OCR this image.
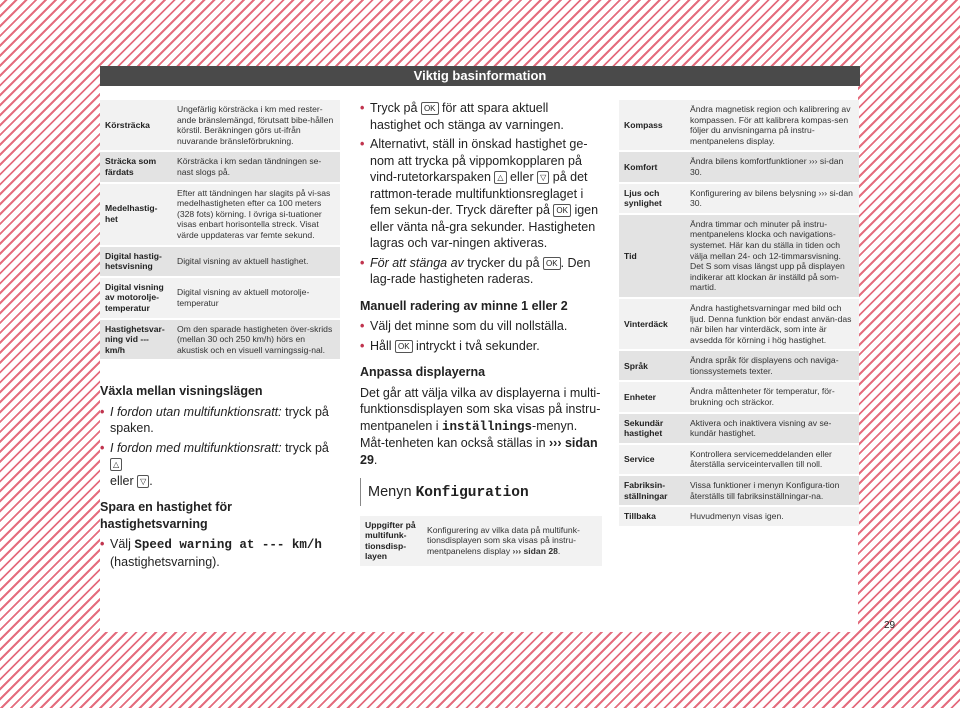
Viktig basinformation
Körsträcka	Ungefärlig körsträcka i km med rester-ande bränslemängd, förutsatt bibe-hållen körstil. Beräkningen görs ut-ifrån nuvarande bränsleförbrukning.
Sträcka som färdats	Körsträcka i km sedan tändningen se-nast slogs på.
Medelhastig-het	Efter att tändningen har slagits på vi-sas medelhastigheten efter ca 100 meters (328 fots) körning. I övriga si-tuationer visas enbart horisontella streck. Visat värde uppdateras var femte sekund.
Digital hastig-hetsvisning	Digital visning av aktuell hastighet.
Digital visning av motorolje-temperatur	Digital visning av aktuell motorolje-temperatur
Hastighetsvar-ning vid --- km/h	Om den sparade hastigheten över-skrids (mellan 30 och 250 km/h) hörs en akustisk och en visuell varningssig-nal.

Växla mellan visningslägen

• I fordon utan multifunktionsratt: tryck på spaken.
• I fordon med multifunktionsratt: tryck på △
eller ▽ .

Spara en hastighet för hastighetsvarning

• Välj Speed warning at --- km/h
(hastighetsvarning).
• Tryck på OK för att spara aktuell hastighet och stänga av varningen.
• Alternativt, ställ in önskad hastighet ge-nom att trycka på vippomkopplaren på vind-rutetorkarspaken △ eller ▽ på det rattmon-terade multifunktionsreglaget i fem sekun-der. Tryck därefter på OK igen eller vänta nå-gra sekunder. Hastigheten lagras och var-ningen aktiveras.
• För att stänga av trycker du på OK . Den lag-rade hastigheten raderas.

Manuell radering av minne 1 eller 2

• Välj det minne som du vill nollställa.
• Håll OK intryckt i två sekunder.

Anpassa displayerna

Det går att välja vilka av displayerna i multi-funktionsdisplayen som ska visas på instru-mentpanelen i inställnings-menyn. Måt-tenheten kan också ställas in ››› sidan 29.

Menyn Konfiguration
Uppgifter på multifunk-tionsdisp-layen	Konfigurering av vilka data på multifunk-tionsdisplayen som ska visas på instru-mentpanelens display ››› sidan 28.
Kompass	Ändra magnetisk region och kalibrering av kompassen. För att kalibrera kompas-sen följer du anvisningarna på instru-mentpanelens display.
Komfort	Ändra bilens komfortfunktioner ››› si-dan 30.
Ljus och synlighet	Konfigurering av bilens belysning ››› si-dan 30.
Tid	Ändra timmar och minuter på instru-mentpanelens klocka och navigations-systemet. Här kan du ställa in tiden och välja mellan 24- och 12-timmarsvisning. Det S som visas längst upp på displayen indikerar att klockan är inställd på som-martid.
Vinterdäck	Ändra hastighetsvarningar med bild och ljud. Denna funktion bör endast använ-das när bilen har vinterdäck, som inte är avsedda för körning i hög hastighet.
Språk	Ändra språk för displayens och naviga-tionssystemets texter.
Enheter	Ändra måttenheter för temperatur, för-brukning och sträckor.
Sekundär hastighet	Aktivera och inaktivera visning av se-kundär hastighet.
Service	Kontrollera servicemeddelanden eller återställa serviceintervallen till noll.
Fabriksin-ställningar	Vissa funktioner i menyn Konfigura-tion återställs till fabriksinställningar-na.
Tillbaka	Huvudmenyn visas igen.
29
